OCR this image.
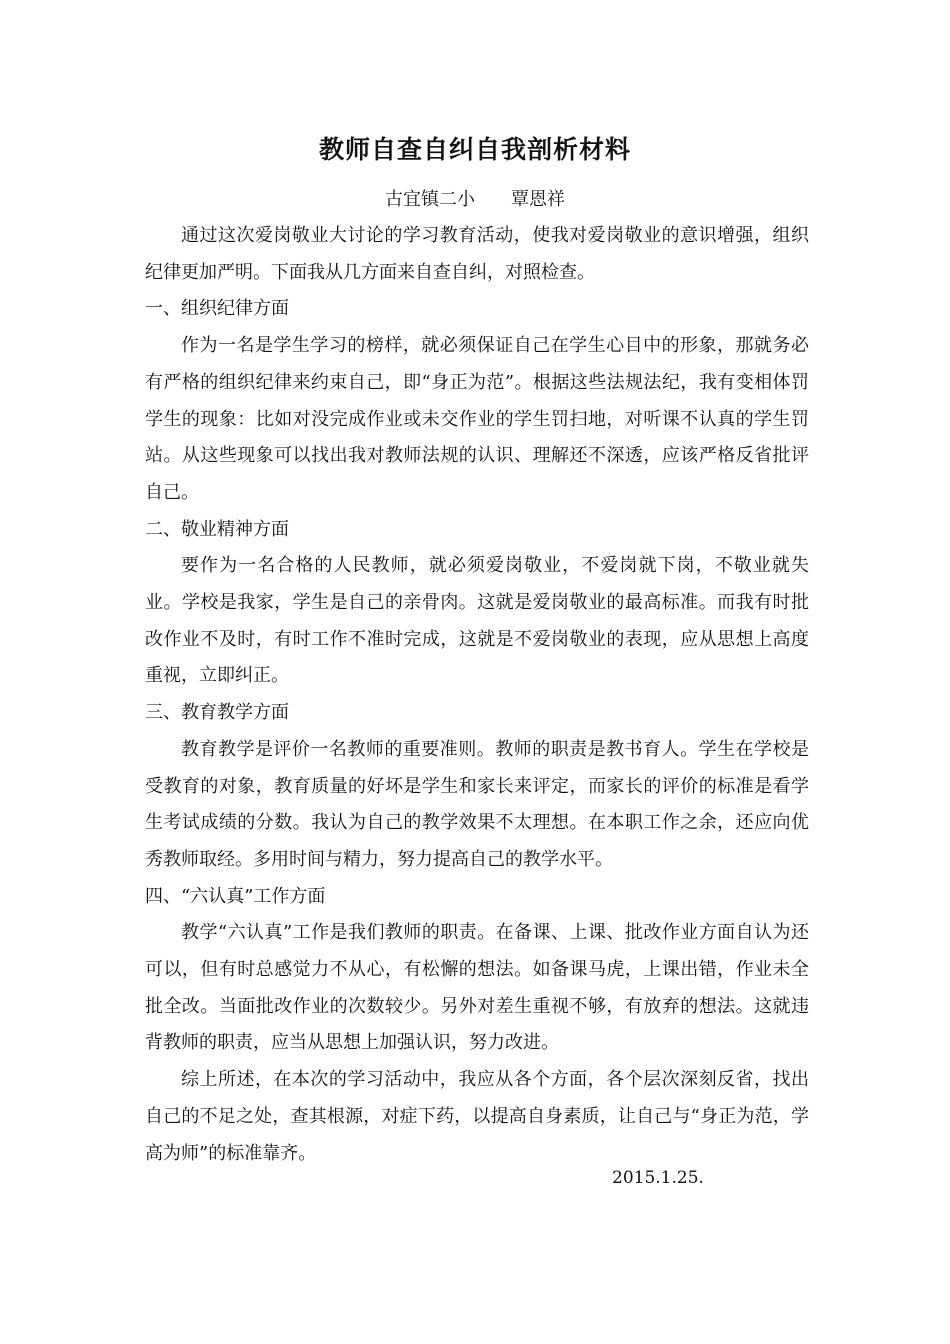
教师自查自纠自我剖析材料
古宜镇二小 覃恩祥

通过这次爱岗敬业大讨论的学习教育活动，使我对爱岗敬业的意识增强，组织纪律更加严明。下面我从几方面来自查自纠，对照检查。

一、组织纪律方面

作为一名是学生学习的榜样，就必须保证自己在学生心目中的形象，那就务必有严格的组织纪律来约束自己，即“身正为范”。根据这些法规法纪，我有变相体罚学生的现象：比如对没完成作业或未交作业的学生罚扫地，对听课不认真的学生罚站。从这些现象可以找出我对教师法规的认识、理解还不深透，应该严格反省批评自己。

二、敬业精神方面

要作为一名合格的人民教师，就必须爱岗敬业，不爱岗就下岗，不敬业就失业。学校是我家，学生是自己的亲骨肉。这就是爱岗敬业的最高标准。而我有时批改作业不及时，有时工作不准时完成，这就是不爱岗敬业的表现，应从思想上高度重视，立即纠正。

三、教育教学方面

教育教学是评价一名教师的重要准则。教师的职责是教书育人。学生在学校是受教育的对象，教育质量的好坏是学生和家长来评定，而家长的评价的标准是看学生考试成绩的分数。我认为自己的教学效果不太理想。在本职工作之余，还应向优秀教师取经。多用时间与精力，努力提高自己的教学水平。

四、“六认真”工作方面

教学“六认真”工作是我们教师的职责。在备课、上课、批改作业方面自认为还可以，但有时总感觉力不从心，有松懈的想法。如备课马虎，上课出错，作业未全批全改。当面批改作业的次数较少。另外对差生重视不够，有放弃的想法。这就违背教师的职责，应当从思想上加强认识，努力改进。

综上所述，在本次的学习活动中，我应从各个方面，各个层次深刻反省，找出自己的不足之处，查其根源，对症下药，以提高自身素质，让自己与“身正为范，学高为师”的标准靠齐。

2015.1.25.
